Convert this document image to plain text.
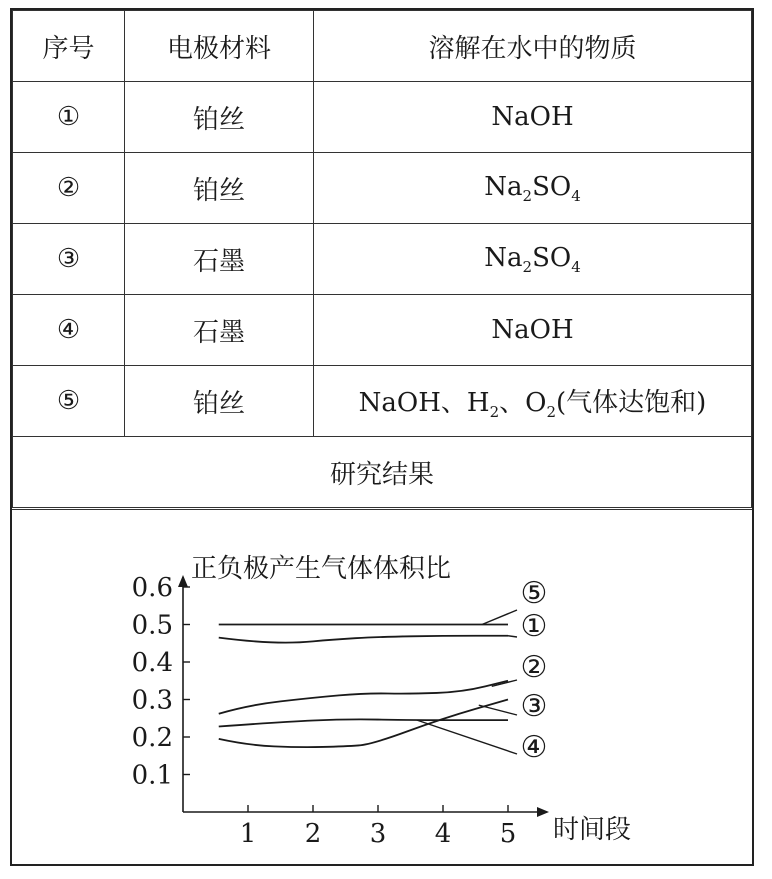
序号	电极材料	溶解在水中的物质
①	铂丝	NaOH
②	铂丝	$Na_2SO_4$
③	石墨	$Na_2SO_4$
④	石墨	NaOH
⑤	铂丝	NaOH、$H_2$、$O_2$(气体达饱和)
研究结果		
正负极产生气体体积比
时间段
0.1
0.2
0.3
0.4
0.5
0.6
1 2 3 4 5
⑤
①
②
③
④
